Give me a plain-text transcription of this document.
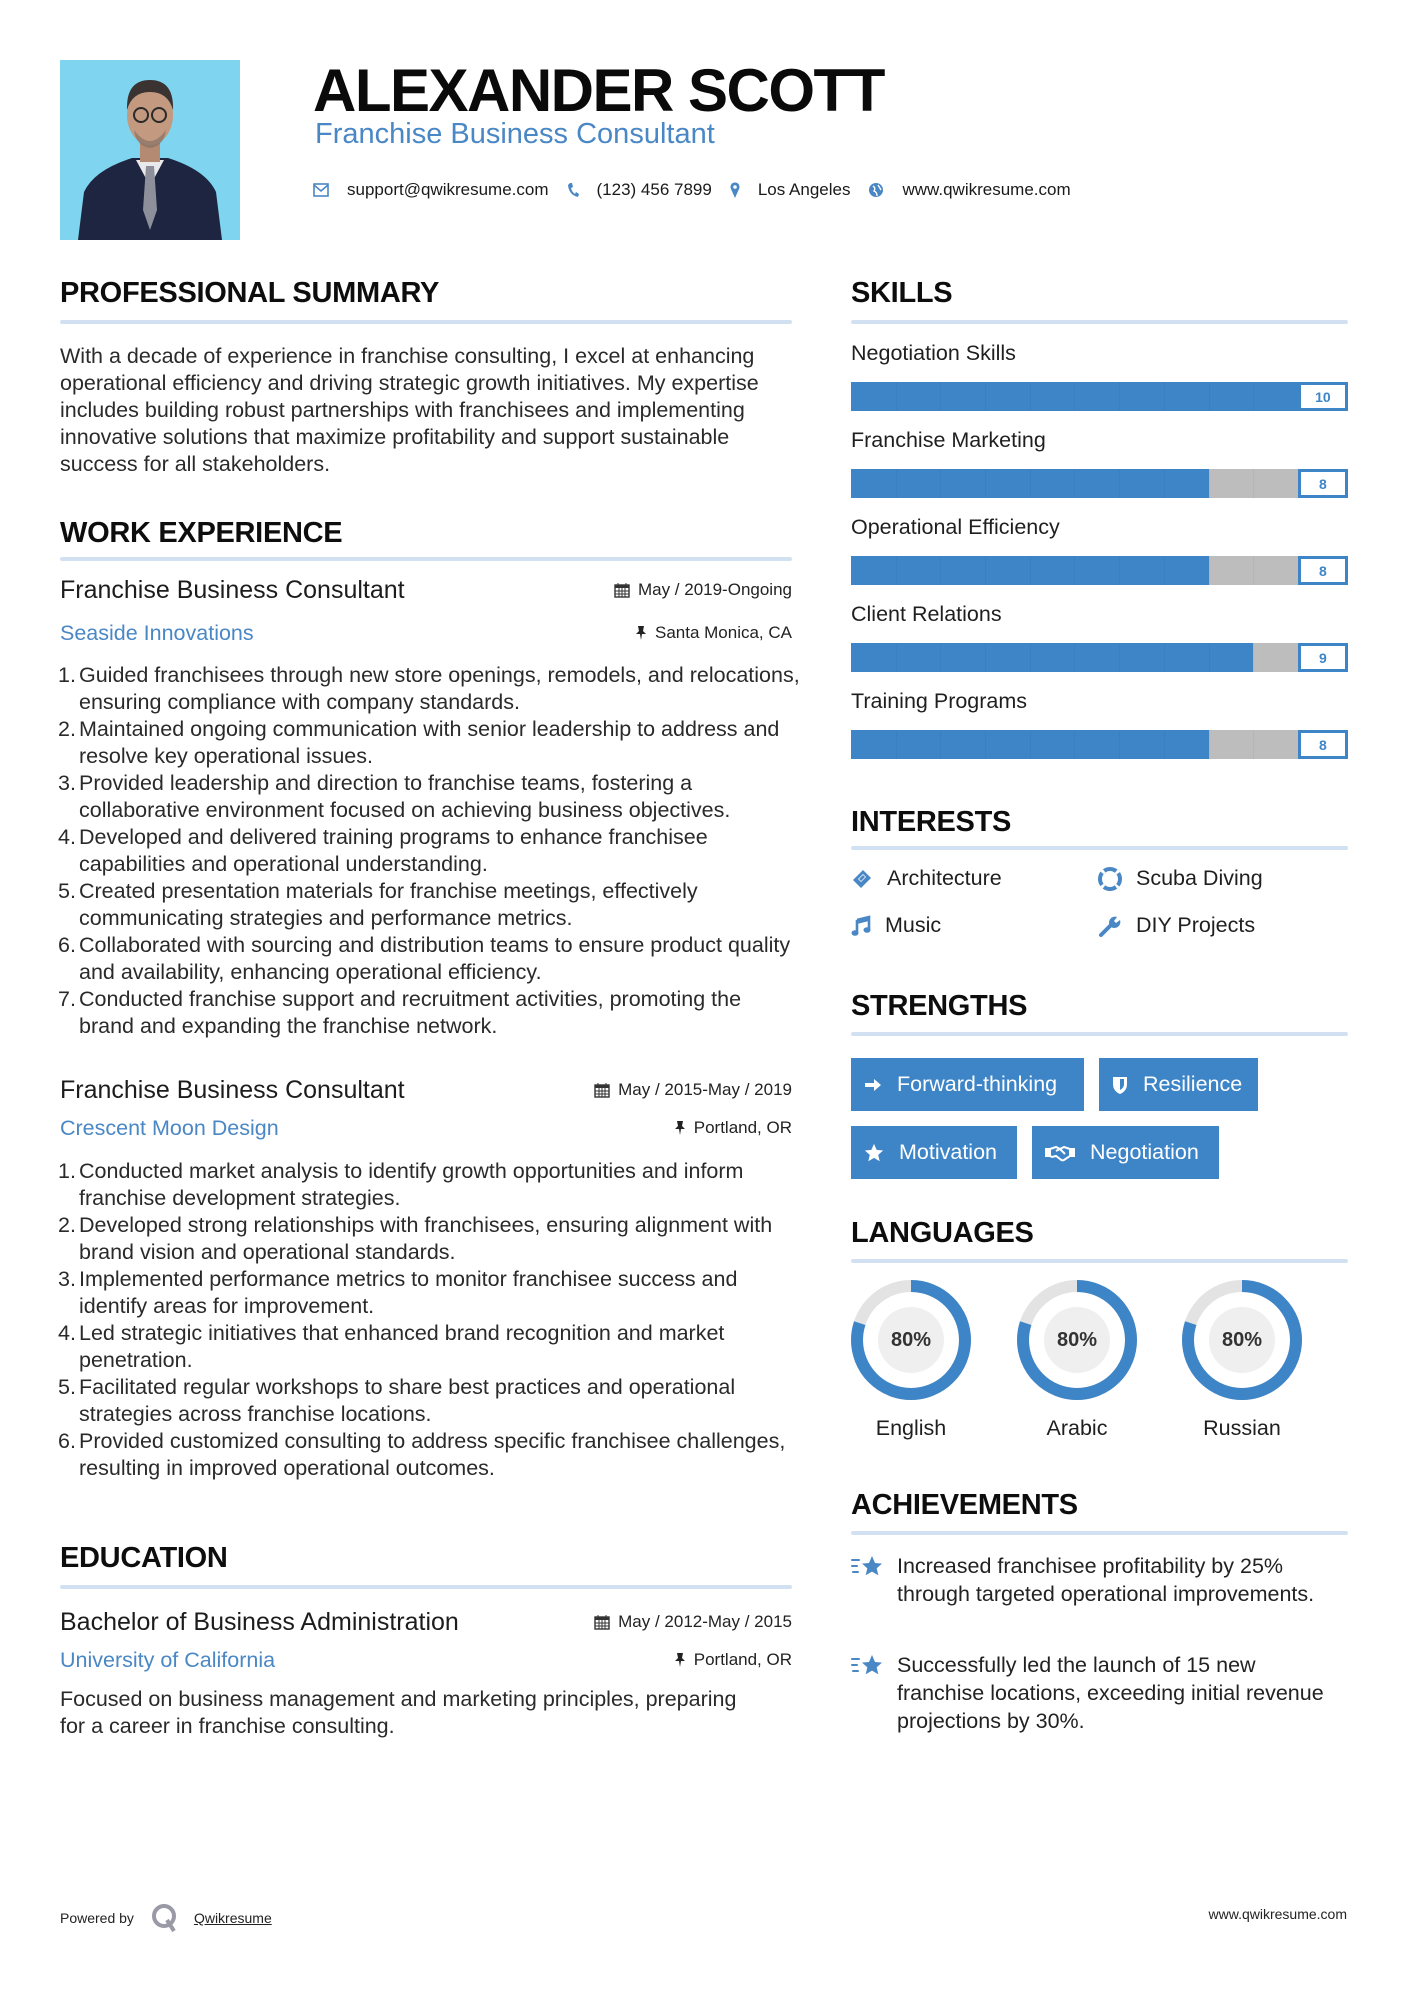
ALEXANDER SCOTT
Franchise Business Consultant
support@qwikresume.com	(123) 456 7899	Los Angeles	www.qwikresume.com
PROFESSIONAL SUMMARY
With a decade of experience in franchise consulting, I excel at enhancing operational efficiency and driving strategic growth initiatives. My expertise includes building robust partnerships with franchisees and implementing innovative solutions that maximize profitability and support sustainable success for all stakeholders.
WORK EXPERIENCE
Franchise Business Consultant	May / 2019-Ongoing
Seaside Innovations	Santa Monica, CA
1. Guided franchisees through new store openings, remodels, and relocations, ensuring compliance with company standards.
2. Maintained ongoing communication with senior leadership to address and resolve key operational issues.
3. Provided leadership and direction to franchise teams, fostering a collaborative environment focused on achieving business objectives.
4. Developed and delivered training programs to enhance franchisee capabilities and operational understanding.
5. Created presentation materials for franchise meetings, effectively communicating strategies and performance metrics.
6. Collaborated with sourcing and distribution teams to ensure product quality and availability, enhancing operational efficiency.
7. Conducted franchise support and recruitment activities, promoting the brand and expanding the franchise network.
Franchise Business Consultant	May / 2015-May / 2019
Crescent Moon Design	Portland, OR
1. Conducted market analysis to identify growth opportunities and inform franchise development strategies.
2. Developed strong relationships with franchisees, ensuring alignment with brand vision and operational standards.
3. Implemented performance metrics to monitor franchisee success and identify areas for improvement.
4. Led strategic initiatives that enhanced brand recognition and market penetration.
5. Facilitated regular workshops to share best practices and operational strategies across franchise locations.
6. Provided customized consulting to address specific franchisee challenges, resulting in improved operational outcomes.
EDUCATION
Bachelor of Business Administration	May / 2012-May / 2015
University of California	Portland, OR
Focused on business management and marketing principles, preparing for a career in franchise consulting.
SKILLS
Negotiation Skills
10
Franchise Marketing
8
Operational Efficiency
8
Client Relations
9
Training Programs
8
INTERESTS
Architecture	Scuba Diving
Music	DIY Projects
STRENGTHS
Forward-thinking	Resilience
Motivation	Negotiation
LANGUAGES
80%
English
80%
Arabic
80%
Russian
ACHIEVEMENTS
Increased franchisee profitability by 25% through targeted operational improvements.
Successfully led the launch of 15 new franchise locations, exceeding initial revenue projections by 30%.
Powered by	Qwikresume	www.qwikresume.com
